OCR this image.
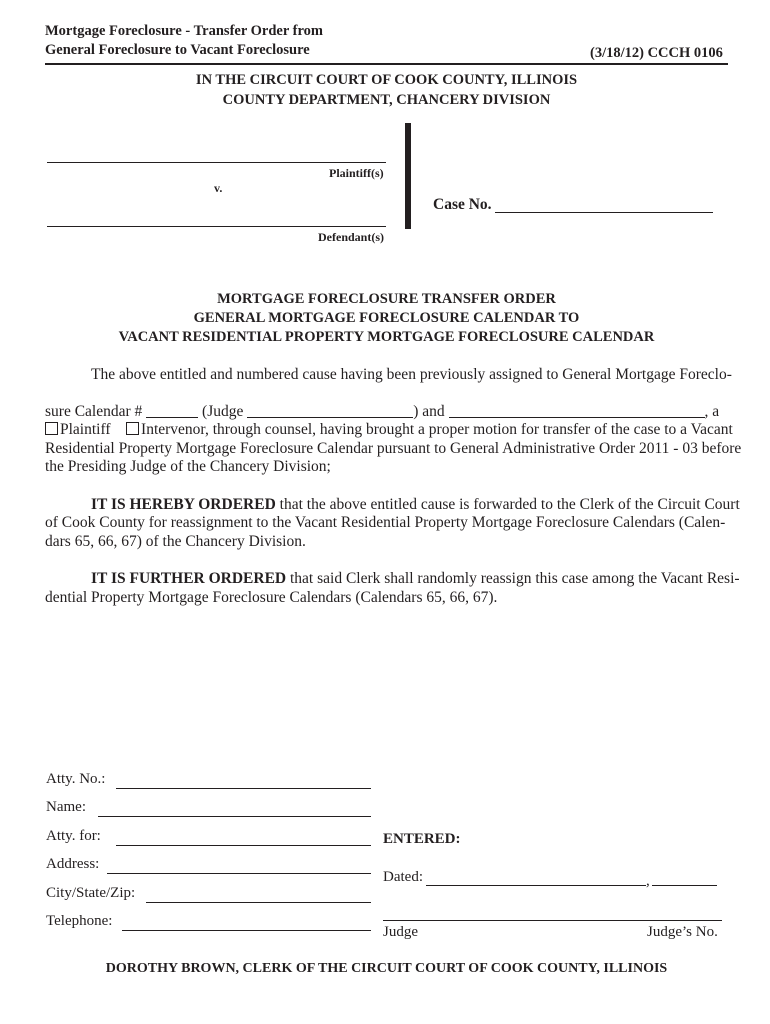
Mortgage Foreclosure - Transfer Order from
General Foreclosure to Vacant Foreclosure	(3/18/12) CCCH 0106
IN THE CIRCUIT COURT OF COOK COUNTY, ILLINOIS
COUNTY DEPARTMENT, CHANCERY DIVISION
Plaintiff(s)
v.
Defendant(s)
Case No.
MORTGAGE FORECLOSURE TRANSFER ORDER
GENERAL MORTGAGE FORECLOSURE CALENDAR TO
VACANT RESIDENTIAL PROPERTY MORTGAGE FORECLOSURE CALENDAR
The above entitled and numbered cause having been previously assigned to General Mortgage Foreclo-
sure Calendar #	(Judge	) and	, a
Plaintiff Intervenor, through counsel, having brought a proper motion for transfer of the case to a Vacant
Residential Property Mortgage Foreclosure Calendar pursuant to General Administrative Order 2011 - 03 before
the Presiding Judge of the Chancery Division;
IT IS HEREBY ORDERED that the above entitled cause is forwarded to the Clerk of the Circuit Court
of Cook County for reassignment to the Vacant Residential Property Mortgage Foreclosure Calendars (Calen-
dars 65, 66, 67) of the Chancery Division.
IT IS FURTHER ORDERED that said Clerk shall randomly reassign this case among the Vacant Resi-
dential Property Mortgage Foreclosure Calendars (Calendars 65, 66, 67).
Atty. No.:
Name:
Atty. for:
Address:
City/State/Zip:
Telephone:
ENTERED:
Dated:	,
Judge	Judge’s No.
DOROTHY BROWN, CLERK OF THE CIRCUIT COURT OF COOK COUNTY, ILLINOIS
